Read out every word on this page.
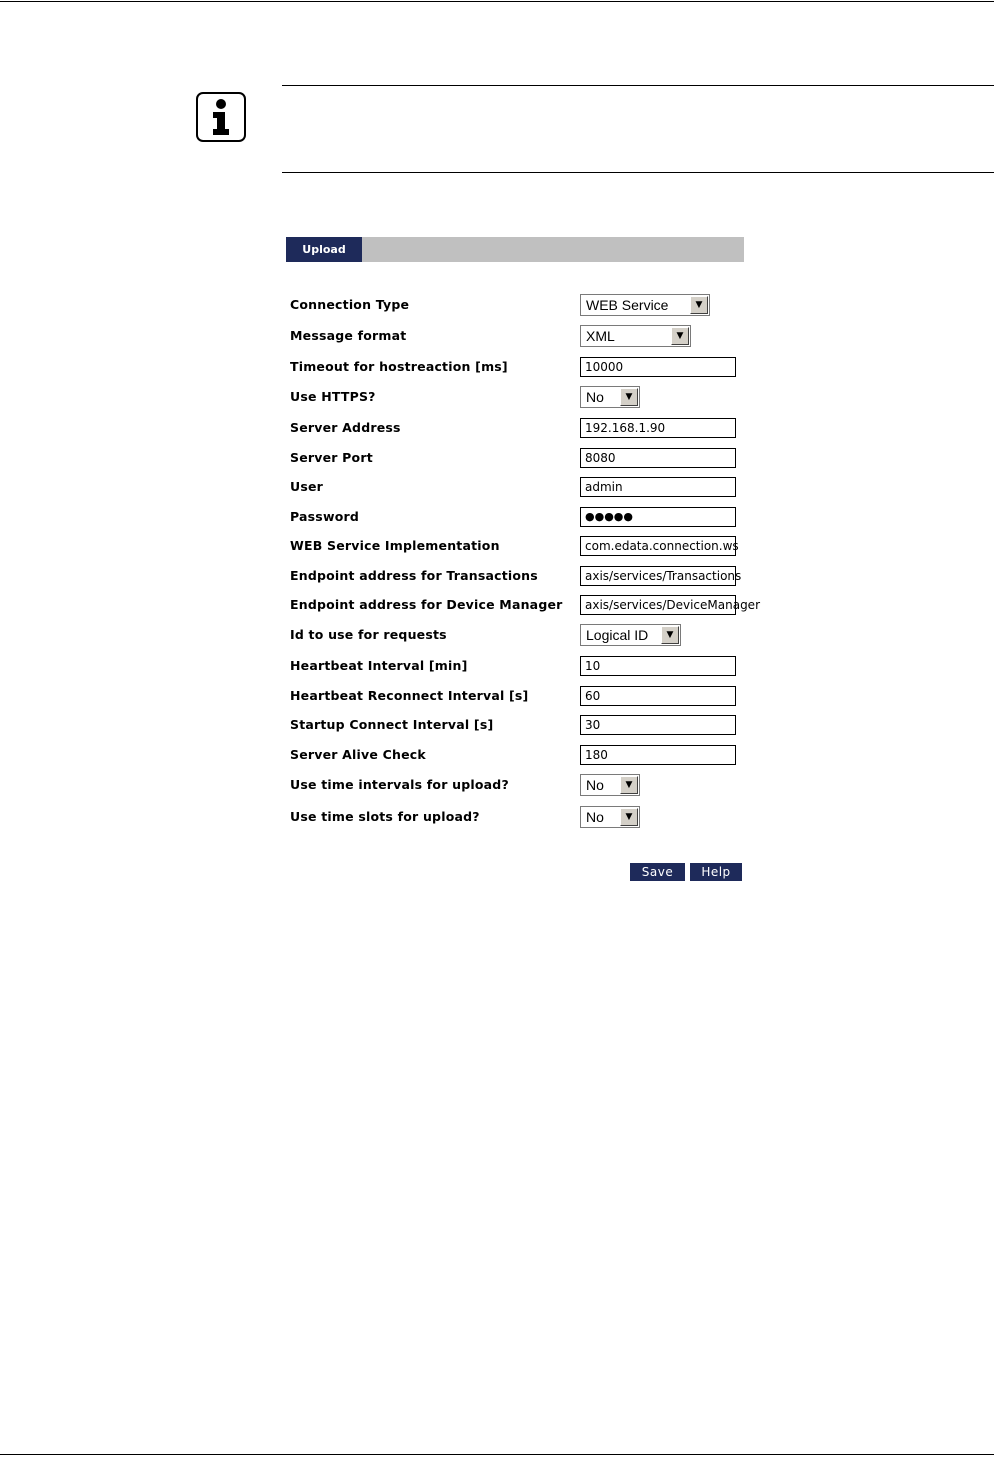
Upload
Connection Type	WEB Service	▼
Message format	XML	▼
Timeout for hostreaction [ms]	10000
Use HTTPS?	No	▼
Server Address	192.168.1.90
Server Port	8080
User	admin
Password	●●●●●
WEB Service Implementation	com.edata.connection.ws
Endpoint address for Transactions	axis/services/Transactions
Endpoint address for Device Manager	axis/services/DeviceManager
Id to use for requests	Logical ID	▼
Heartbeat Interval [min]	10
Heartbeat Reconnect Interval [s]	60
Startup Connect Interval [s]	30
Server Alive Check	180
Use time intervals for upload?	No	▼
Use time slots for upload?	No	▼
Save	Help
